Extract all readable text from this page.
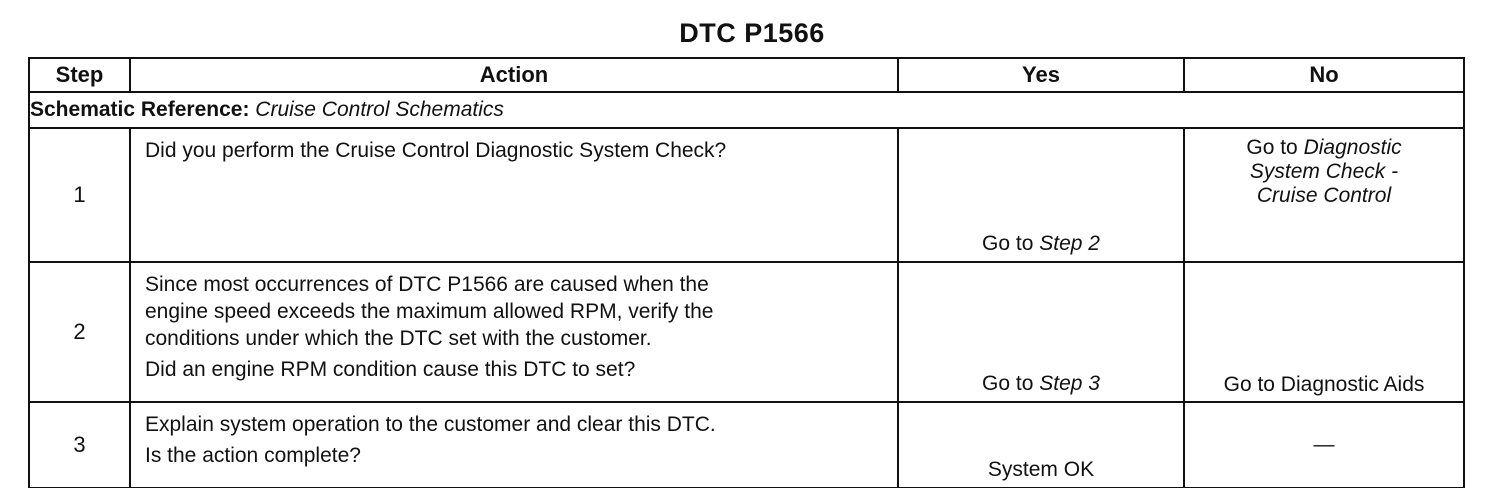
DTC P1566
Step	Action	Yes	No
Schematic Reference: Cruise Control Schematics			
1	Did you perform the Cruise Control Diagnostic System Check?	Go to Step 2	Go to Diagnostic
System Check -
Cruise Control

2	Since most occurrences of DTC P1566 are caused when the
engine speed exceeds the maximum allowed RPM, verify the
conditions under which the DTC set with the customer.
Did an engine RPM condition cause this DTC to set?	Go to Step 3	Go to Diagnostic Aids
3	Explain system operation to the customer and clear this DTC.
Is the action complete?	System OK	—
